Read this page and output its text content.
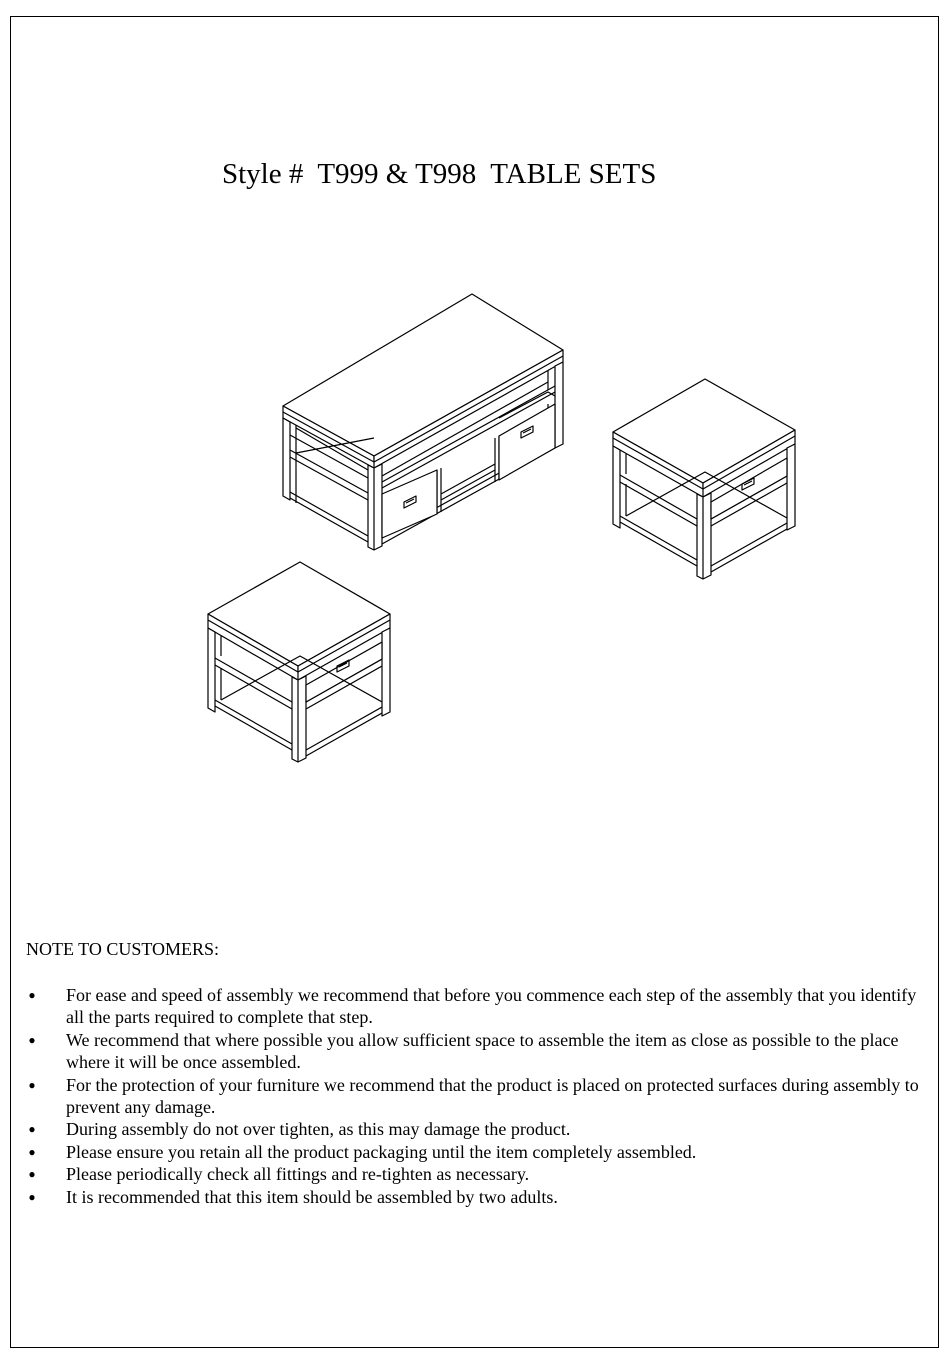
Style #  T999 & T998  TABLE SETS
NOTE TO CUSTOMERS:
● For ease and speed of assembly we recommend that before you commence each step of the assembly that you identify all the parts required to complete that step.
● We recommend that where possible you allow sufficient space to assemble the item as close as possible to the place where it will be once assembled.
● For the protection of your furniture we recommend that the product is placed on protected surfaces during assembly to prevent any damage.
● During assembly do not over tighten, as this may damage the product.
● Please ensure you retain all the product packaging until the item completely assembled.
● Please periodically check all fittings and re-tighten as necessary.
● It is recommended that this item should be assembled by two adults.
